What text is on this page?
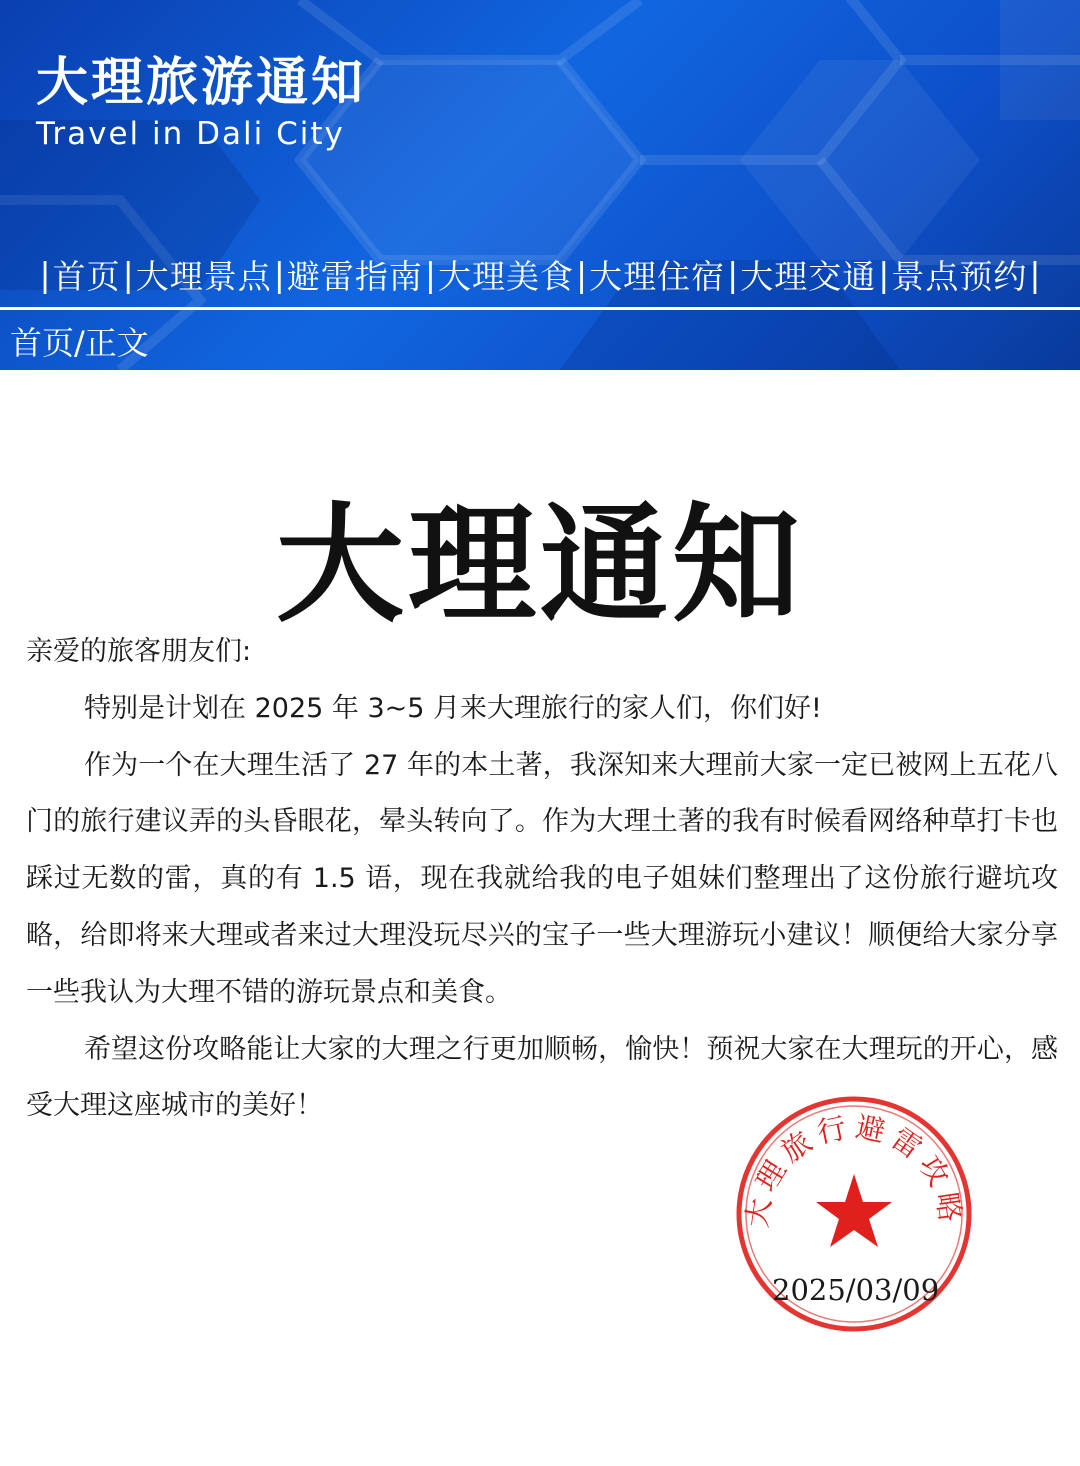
大理旅游通知
Travel in Dali City
| 首页 | 大理景点 | 避雷指南 | 大理美食 | 大理住宿 | 大理交通 | 景点预约 |
首页/正文
大理通知

亲爱的旅客朋友们:

特别是计划在 2025 年 3~5 月来大理旅行的家人们，你们好!

作为一个在大理生活了 27 年的本土著，我深知来大理前大家一定已被网上五花八门的旅行建议弄的头昏眼花，晕头转向了。作为大理土著的我有时候看网络种草打卡也踩过无数的雷，真的有 1.5 语，现在我就给我的电子姐妹们整理出了这份旅行避坑攻略，给即将来大理或者来过大理没玩尽兴的宝子一些大理游玩小建议！顺便给大家分享一些我认为大理不错的游玩景点和美食。

希望这份攻略能让大家的大理之行更加顺畅，愉快！预祝大家在大理玩的开心，感受大理这座城市的美好！

大理旅行避雷攻略
2025/03/09
